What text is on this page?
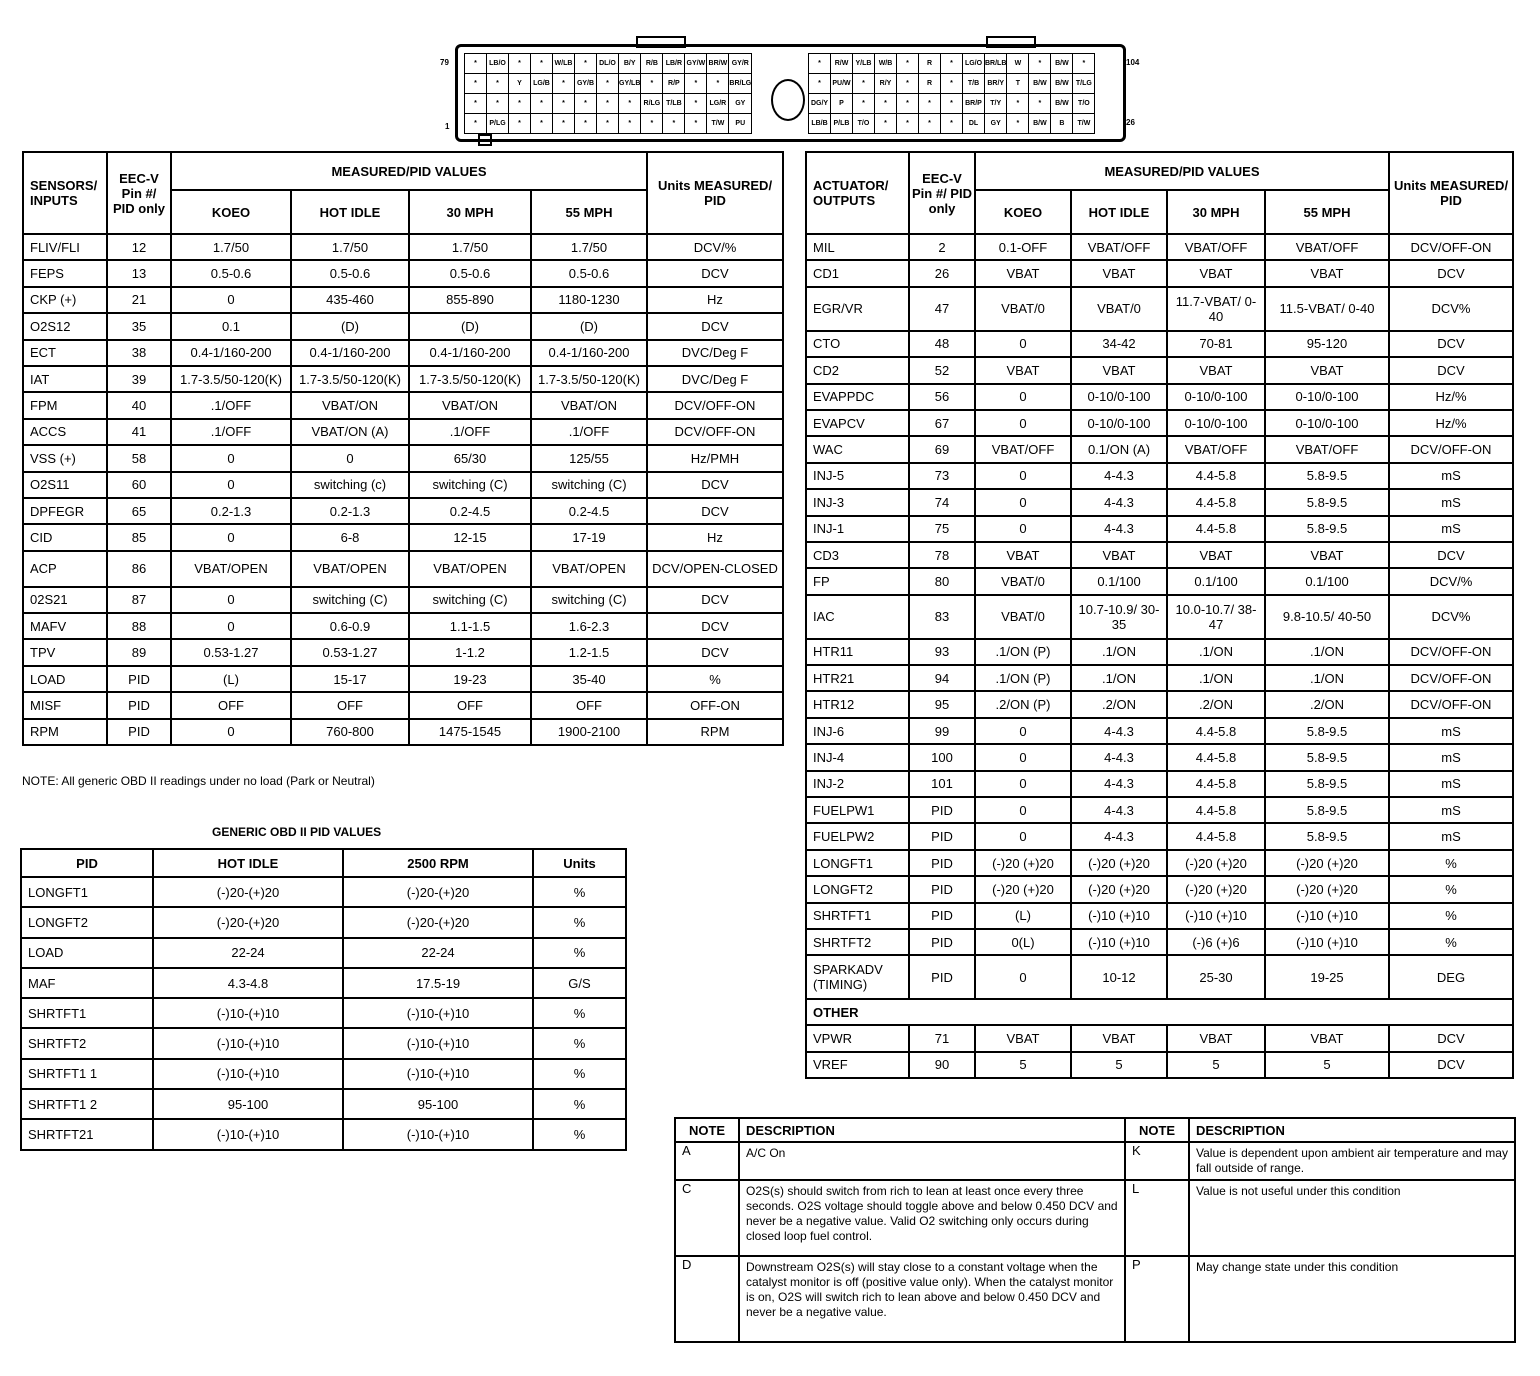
79	104
1	26
*	LB/O	*	*	W/LB	*	DL/O	B/Y	R/B	LB/R	GY/W	BR/W	GY/R
*	*	Y	LG/B	*	GY/B	*	GY/LB	*	R/P	*	*	BR/LG
*	*	*	*	*	*	*	*	R/LG	T/LB	*	LG/R	GY
*	P/LG	*	*	*	*	*	*	*	*	*	T/W	PU
*	R/W	Y/LB	W/B	*	R	*	LG/O	BR/LB	W	*	B/W	*
*	PU/W	*	R/Y	*	R	*	T/B	BR/Y	T	B/W	B/W	T/LG
DG/Y	P	*	*	*	*	*	BR/P	T/Y	*	*	B/W	T/O
LB/B	P/LB	T/O	*	*	*	*	DL	GY	*	B/W	B	T/W
SENSORS/ INPUTS	EEC-V Pin #/ PID only	MEASURED/PID VALUES				Units MEASURED/ PID
		KOEO	HOT IDLE	30 MPH	55 MPH	
FLIV/FLI	12	1.7/50	1.7/50	1.7/50	1.7/50	DCV/%
FEPS	13	0.5-0.6	0.5-0.6	0.5-0.6	0.5-0.6	DCV
CKP (+)	21	0	435-460	855-890	1180-1230	Hz
O2S12	35	0.1	(D)	(D)	(D)	DCV
ECT	38	0.4-1/160-200	0.4-1/160-200	0.4-1/160-200	0.4-1/160-200	DVC/Deg F
IAT	39	1.7-3.5/50-120(K)	1.7-3.5/50-120(K)	1.7-3.5/50-120(K)	1.7-3.5/50-120(K)	DVC/Deg F
FPM	40	.1/OFF	VBAT/ON	VBAT/ON	VBAT/ON	DCV/OFF-ON
ACCS	41	.1/OFF	VBAT/ON (A)	.1/OFF	.1/OFF	DCV/OFF-ON
VSS (+)	58	0	0	65/30	125/55	Hz/PMH
O2S11	60	0	switching (c)	switching (C)	switching (C)	DCV
DPFEGR	65	0.2-1.3	0.2-1.3	0.2-4.5	0.2-4.5	DCV
CID	85	0	6-8	12-15	17-19	Hz
ACP	86	VBAT/OPEN	VBAT/OPEN	VBAT/OPEN	VBAT/OPEN	DCV/OPEN-CLOSED
02S21	87	0	switching (C)	switching (C)	switching (C)	DCV
MAFV	88	0	0.6-0.9	1.1-1.5	1.6-2.3	DCV
TPV	89	0.53-1.27	0.53-1.27	1-1.2	1.2-1.5	DCV
LOAD	PID	(L)	15-17	19-23	35-40	%
MISF	PID	OFF	OFF	OFF	OFF	OFF-ON
RPM	PID	0	760-800	1475-1545	1900-2100	RPM
NOTE: All generic OBD II readings under no load (Park or Neutral)
GENERIC OBD II PID VALUES
PID	HOT IDLE	2500 RPM	Units
LONGFT1	(-)20-(+)20	(-)20-(+)20	%
LONGFT2	(-)20-(+)20	(-)20-(+)20	%
LOAD	22-24	22-24	%
MAF	4.3-4.8	17.5-19	G/S
SHRTFT1	(-)10-(+)10	(-)10-(+)10	%
SHRTFT2	(-)10-(+)10	(-)10-(+)10	%
SHRTFT1 1	(-)10-(+)10	(-)10-(+)10	%
SHRTFT1 2	95-100	95-100	%
SHRTFT21	(-)10-(+)10	(-)10-(+)10	%
ACTUATOR/ OUTPUTS	EEC-V Pin #/ PID only	MEASURED/PID VALUES				Units MEASURED/ PID
		KOEO	HOT IDLE	30 MPH	55 MPH	
MIL	2	0.1-OFF	VBAT/OFF	VBAT/OFF	VBAT/OFF	DCV/OFF-ON
CD1	26	VBAT	VBAT	VBAT	VBAT	DCV
EGR/VR	47	VBAT/0	VBAT/0	11.7-VBAT/ 0-40	11.5-VBAT/ 0-40	DCV%
CTO	48	0	34-42	70-81	95-120	DCV
CD2	52	VBAT	VBAT	VBAT	VBAT	DCV
EVAPPDC	56	0	0-10/0-100	0-10/0-100	0-10/0-100	Hz/%
EVAPCV	67	0	0-10/0-100	0-10/0-100	0-10/0-100	Hz/%
WAC	69	VBAT/OFF	0.1/ON (A)	VBAT/OFF	VBAT/OFF	DCV/OFF-ON
INJ-5	73	0	4-4.3	4.4-5.8	5.8-9.5	mS
INJ-3	74	0	4-4.3	4.4-5.8	5.8-9.5	mS
INJ-1	75	0	4-4.3	4.4-5.8	5.8-9.5	mS
CD3	78	VBAT	VBAT	VBAT	VBAT	DCV
FP	80	VBAT/0	0.1/100	0.1/100	0.1/100	DCV/%
IAC	83	VBAT/0	10.7-10.9/ 30-35	10.0-10.7/ 38-47	9.8-10.5/ 40-50	DCV%
HTR11	93	.1/ON (P)	.1/ON	.1/ON	.1/ON	DCV/OFF-ON
HTR21	94	.1/ON (P)	.1/ON	.1/ON	.1/ON	DCV/OFF-ON
HTR12	95	.2/ON (P)	.2/ON	.2/ON	.2/ON	DCV/OFF-ON
INJ-6	99	0	4-4.3	4.4-5.8	5.8-9.5	mS
INJ-4	100	0	4-4.3	4.4-5.8	5.8-9.5	mS
INJ-2	101	0	4-4.3	4.4-5.8	5.8-9.5	mS
FUELPW1	PID	0	4-4.3	4.4-5.8	5.8-9.5	mS
FUELPW2	PID	0	4-4.3	4.4-5.8	5.8-9.5	mS
LONGFT1	PID	(-)20 (+)20	(-)20 (+)20	(-)20 (+)20	(-)20 (+)20	%
LONGFT2	PID	(-)20 (+)20	(-)20 (+)20	(-)20 (+)20	(-)20 (+)20	%
SHRTFT1	PID	(L)	(-)10 (+)10	(-)10 (+)10	(-)10 (+)10	%
SHRTFT2	PID	0(L)	(-)10 (+)10	(-)6 (+)6	(-)10 (+)10	%
SPARKADV (TIMING)	PID	0	10-12	25-30	19-25	DEG
OTHER						
VPWR	71	VBAT	VBAT	VBAT	VBAT	DCV
VREF	90	5	5	5	5	DCV
NOTE	DESCRIPTION	NOTE	DESCRIPTION
A	A/C On	K	Value is dependent upon ambient air temperature and may fall outside of range.
C	O2S(s) should switch from rich to lean at least once every three seconds. O2S voltage should toggle above and below 0.450 DCV and never be a negative value. Valid O2 switching only occurs during closed loop fuel control.	L	Value is not useful under this condition
D	Downstream O2S(s) will stay close to a constant voltage when the catalyst monitor is off (positive value only). When the catalyst monitor is on, O2S will switch rich to lean above and below 0.450 DCV and never be a negative value.	P	May change state under this condition
